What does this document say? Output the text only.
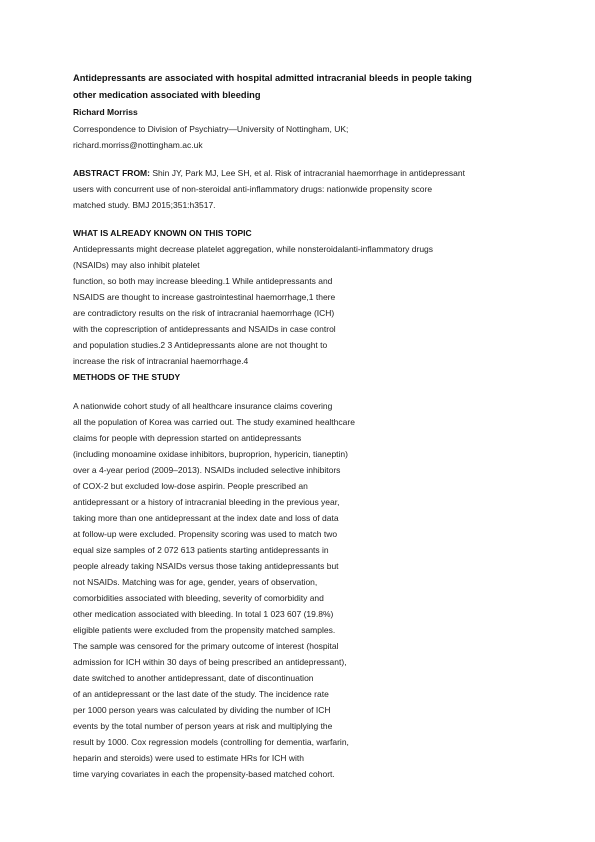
Antidepressants are associated with hospital admitted intracranial bleeds in people taking
other medication associated with bleeding
Richard Morriss
Correspondence to Division of Psychiatry—University of Nottingham, UK;
richard.morriss@nottingham.ac.uk
ABSTRACT FROM: Shin JY, Park MJ, Lee SH, et al. Risk of intracranial haemorrhage in antidepressant
users with concurrent use of non-steroidal anti-inflammatory drugs: nationwide propensity score
matched study. BMJ 2015;351:h3517.
WHAT IS ALREADY KNOWN ON THIS TOPIC
Antidepressants might decrease platelet aggregation, while nonsteroidalanti-inflammatory drugs
(NSAIDs) may also inhibit platelet
function, so both may increase bleeding.1 While antidepressants and
NSAIDS are thought to increase gastrointestinal haemorrhage,1 there
are contradictory results on the risk of intracranial haemorrhage (ICH)
with the coprescription of antidepressants and NSAIDs in case control
and population studies.2 3 Antidepressants alone are not thought to
increase the risk of intracranial haemorrhage.4
METHODS OF THE STUDY
A nationwide cohort study of all healthcare insurance claims covering
all the population of Korea was carried out. The study examined healthcare
claims for people with depression started on antidepressants
(including monoamine oxidase inhibitors, buproprion, hypericin, tianeptin)
over a 4-year period (2009–2013). NSAIDs included selective inhibitors
of COX-2 but excluded low-dose aspirin. People prescribed an
antidepressant or a history of intracranial bleeding in the previous year,
taking more than one antidepressant at the index date and loss of data
at follow-up were excluded. Propensity scoring was used to match two
equal size samples of 2 072 613 patients starting antidepressants in
people already taking NSAIDs versus those taking antidepressants but
not NSAIDs. Matching was for age, gender, years of observation,
comorbidities associated with bleeding, severity of comorbidity and
other medication associated with bleeding. In total 1 023 607 (19.8%)
eligible patients were excluded from the propensity matched samples.
The sample was censored for the primary outcome of interest (hospital
admission for ICH within 30 days of being prescribed an antidepressant),
date switched to another antidepressant, date of discontinuation
of an antidepressant or the last date of the study. The incidence rate
per 1000 person years was calculated by dividing the number of ICH
events by the total number of person years at risk and multiplying the
result by 1000. Cox regression models (controlling for dementia, warfarin,
heparin and steroids) were used to estimate HRs for ICH with
time varying covariates in each the propensity-based matched cohort.
